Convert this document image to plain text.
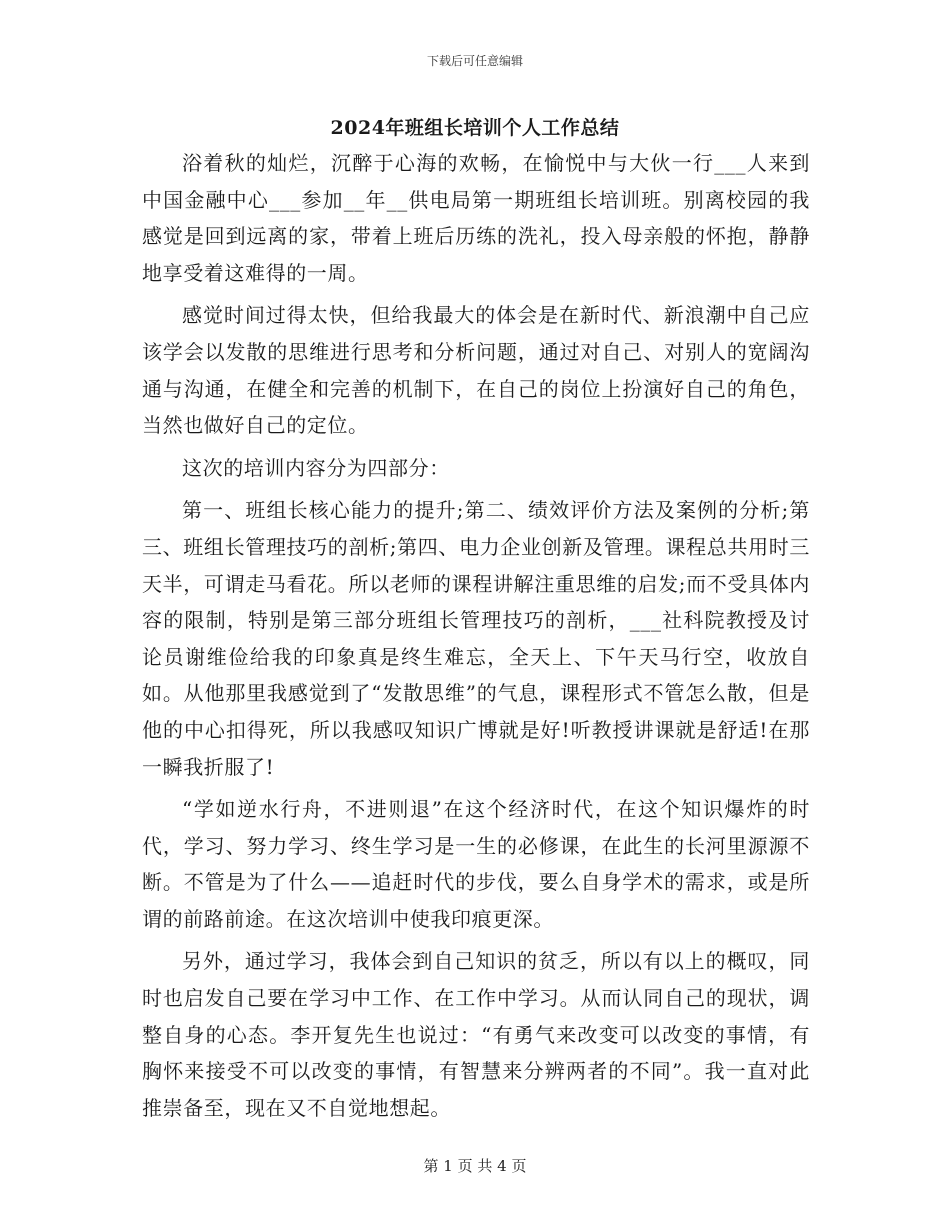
下载后可任意编辑
2024年班组长培训个人工作总结

浴着秋的灿烂，沉醉于心海的欢畅，在愉悦中与大伙一行___人来到中国金融中心___参加__年__供电局第一期班组长培训班。别离校园的我感觉是回到远离的家，带着上班后历练的洗礼，投入母亲般的怀抱，静静地享受着这难得的一周。

感觉时间过得太快，但给我最大的体会是在新时代、新浪潮中自己应该学会以发散的思维进行思考和分析问题，通过对自己、对别人的宽阔沟通与沟通，在健全和完善的机制下，在自己的岗位上扮演好自己的角色，当然也做好自己的定位。

这次的培训内容分为四部分：

第一、班组长核心能力的提升;第二、绩效评价方法及案例的分析;第三、班组长管理技巧的剖析;第四、电力企业创新及管理。课程总共用时三天半，可谓走马看花。所以老师的课程讲解注重思维的启发;而不受具体内容的限制，特别是第三部分班组长管理技巧的剖析，___社科院教授及讨论员谢维俭给我的印象真是终生难忘，全天上、下午天马行空，收放自如。从他那里我感觉到了“发散思维”的气息，课程形式不管怎么散，但是他的中心扣得死，所以我感叹知识广博就是好!听教授讲课就是舒适!在那一瞬我折服了!

“学如逆水行舟，不进则退”在这个经济时代，在这个知识爆炸的时代，学习、努力学习、终生学习是一生的必修课，在此生的长河里源源不断。不管是为了什么——追赶时代的步伐，要么自身学术的需求，或是所谓的前路前途。在这次培训中使我印痕更深。

另外，通过学习，我体会到自己知识的贫乏，所以有以上的概叹，同时也启发自己要在学习中工作、在工作中学习。从而认同自己的现状，调整自身的心态。李开复先生也说过：“有勇气来改变可以改变的事情，有胸怀来接受不可以改变的事情，有智慧来分辨两者的不同”。我一直对此推崇备至，现在又不自觉地想起。

第 1 页 共 4 页
